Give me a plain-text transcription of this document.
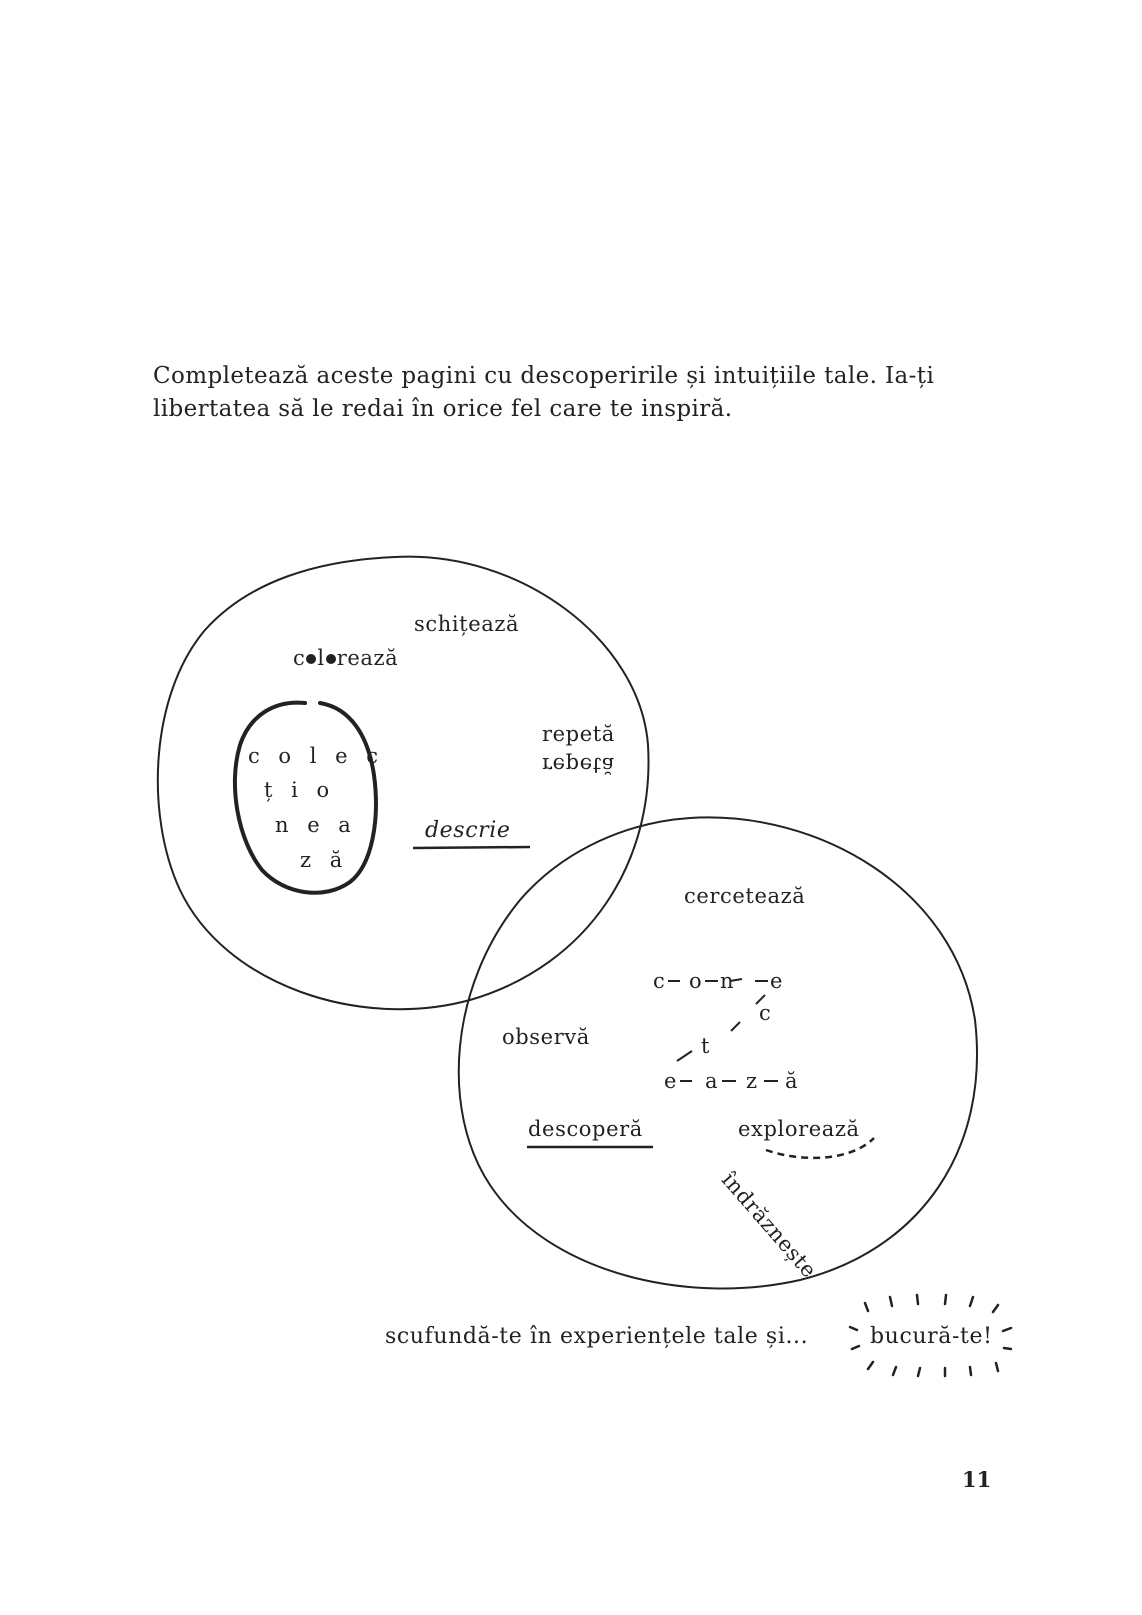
Completează aceste pagini cu descoperirile și intuițiile tale. Ia-ți
libertatea să le redai în orice fel care te inspiră.

schițează
c l rează
repetă
repetă
descrie
c o l e c
ț i o
n e a
z ă
cercetează
observă
c o n e
c
t
e a z ă
descoperă	explorează
îndrăznește
scufundă-te în experiențele tale și...	bucură-te!
11
